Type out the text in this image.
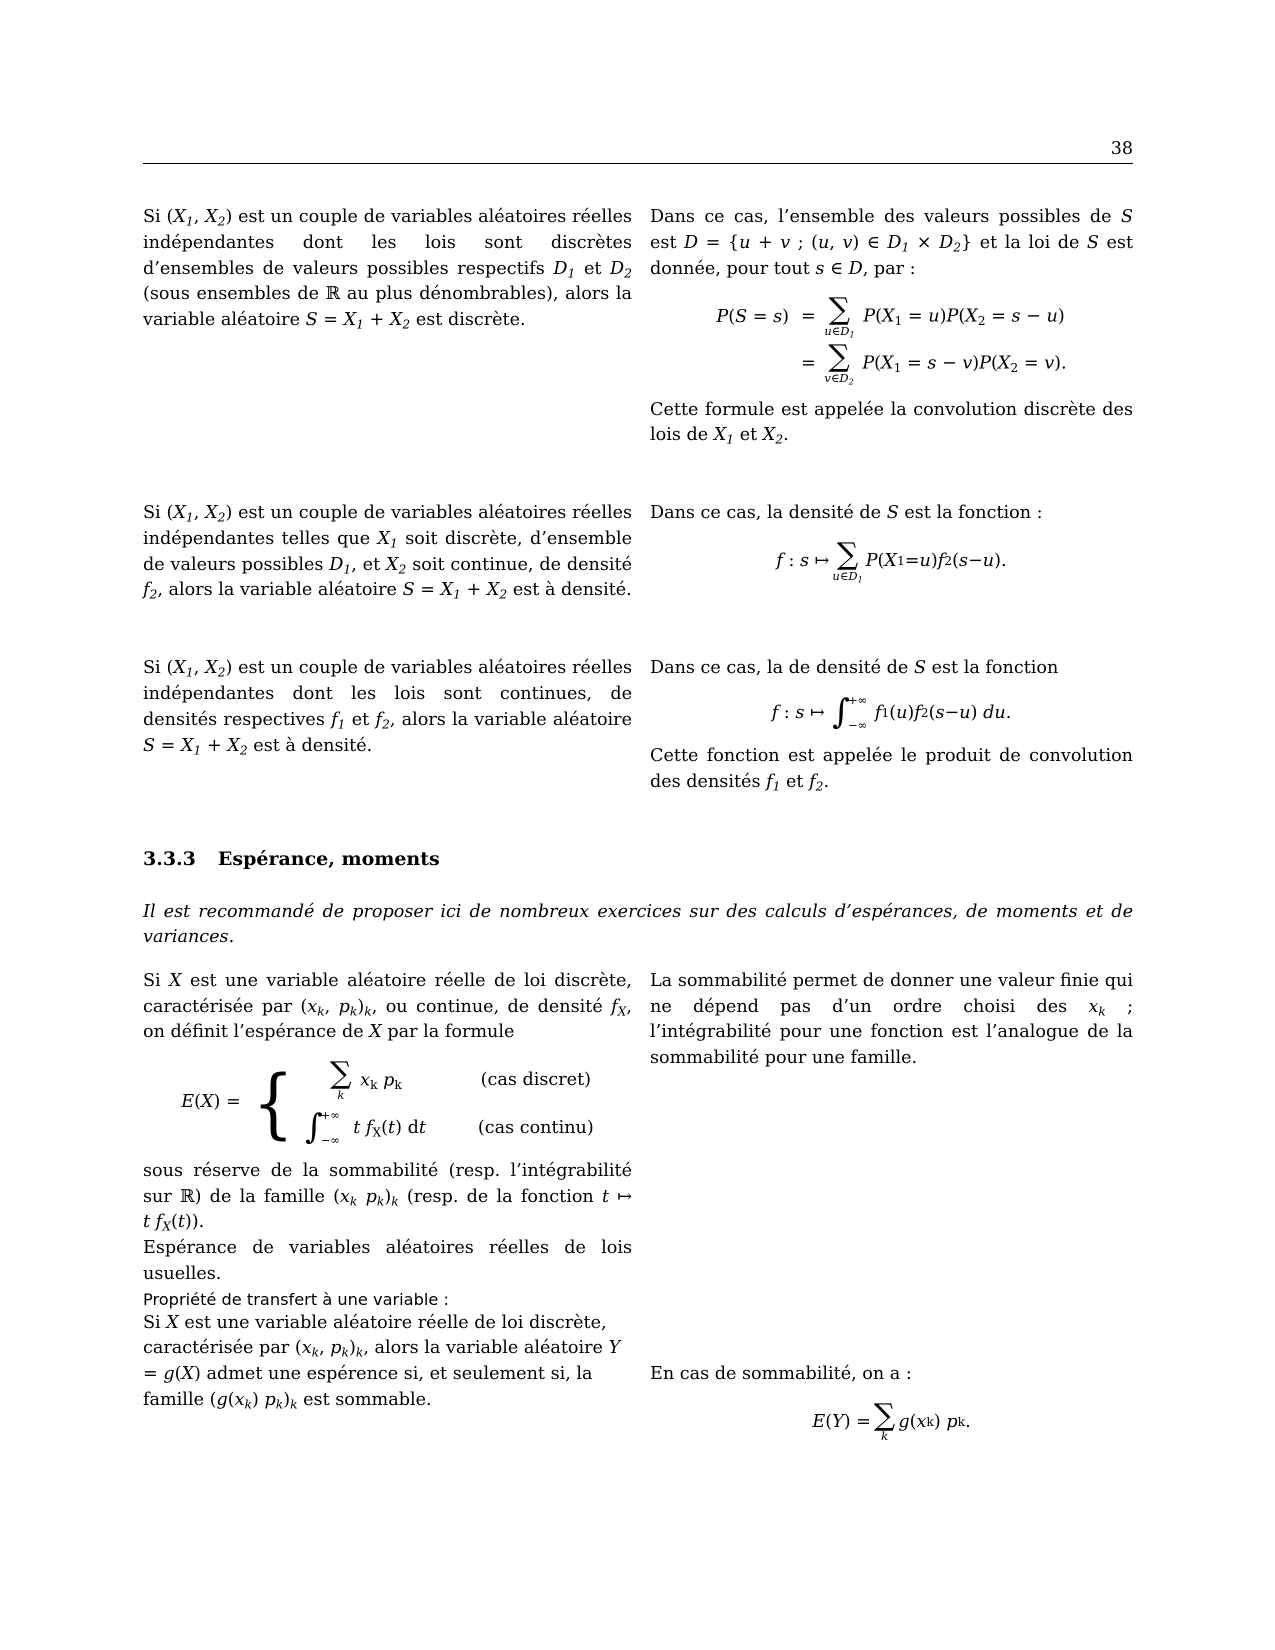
38

Si ($X_1$, $X_2$) est un couple de variables aléatoires réelles indépendantes dont les lois sont discrètes d’ensembles de valeurs possibles respectifs $D_1$ et $D_2$ (sous ensembles de ℝ au plus dénombrables), alors la variable aléatoire $S = X_1 + X_2$ est discrète.

Dans ce cas, l’ensemble des valeurs possibles de S est D = {u + v ; (u, v) ∈ $D_1 \times D_2$} et la loi de S est donnée, pour tout s ∈ D, par :

P(S = s) = ∑
$u\in D_1$
$P(X_1 = u)P(X_2 = s - u)$
= ∑
$v\in D_2$
$P(X_1 = s - v)P(X_2 = v)$.

Cette formule est appelée la convolution discrète des lois de $X_1$ et $X_2$.

Si ($X_1$, $X_2$) est un couple de variables aléatoires réelles indépendantes telles que $X_1$ soit discrète, d’ensemble de valeurs possibles $D_1$, et $X_2$ soit continue, de densité $f_2$, alors la variable aléatoire $S = X_1 + X_2$ est à densité.

Dans ce cas, la densité de S est la fonction :

f : s ↦ ∑
$u\in D_1$
P ( X 1 = u ) f 2 ( s − u ).

Si ($X_1$, $X_2$) est un couple de variables aléatoires réelles indépendantes dont les lois sont continues, de densités respectives $f_1$ et $f_2$, alors la variable aléatoire $S = X_1 + X_2$ est à densité.

Dans ce cas, la de densité de S est la fonction

f : s ↦ ∫
+∞
−∞

f 1 ( u ) f 2 ( s − u ) du .

Cette fonction est appelée le produit de convolution des densités $f_1$ et $f_2$.

3.3.3 Espérance, moments

Il est recommandé de proposer ici de nombreux exercices sur des calculs d’espérances, de moments et de variances.

Si X est une variable aléatoire réelle de loi discrète, caractérisée par ($x_k$, $p_k)_k$, ou continue, de densité $f_X$, on définit l’espérance de X par la formule

E(X) = { ∑
k
$x_k$ $p_k$	(cas discret)
∫
+∞
−∞
t $f_X(t)$ dt	(cas continu)

sous réserve de la sommabilité (resp. l’intégrabilité sur ℝ) de la famille ($x_k$ $p_k)_k$ (resp. de la fonction t ↦ t $f_X(t)$).

Espérance de variables aléatoires réelles de lois usuelles.

Propriété de transfert à une variable :

Si X est une variable aléatoire réelle de loi discrète, caractérisée par ($x_k$, $p_k)_k$, alors la variable aléatoire Y = g(X) admet une espérence si, et seulement si, la famille ($g(x_k)$ $p_k)_k$ est sommable.

La sommabilité permet de donner une valeur finie qui ne dépend pas d’un ordre choisi des $x_k$ ; l’intégrabilité pour une fonction est l’analogue de la sommabilité pour une famille.

En cas de sommabilité, on a :

E ( Y ) = ∑
k
g ( x k ) p k .
